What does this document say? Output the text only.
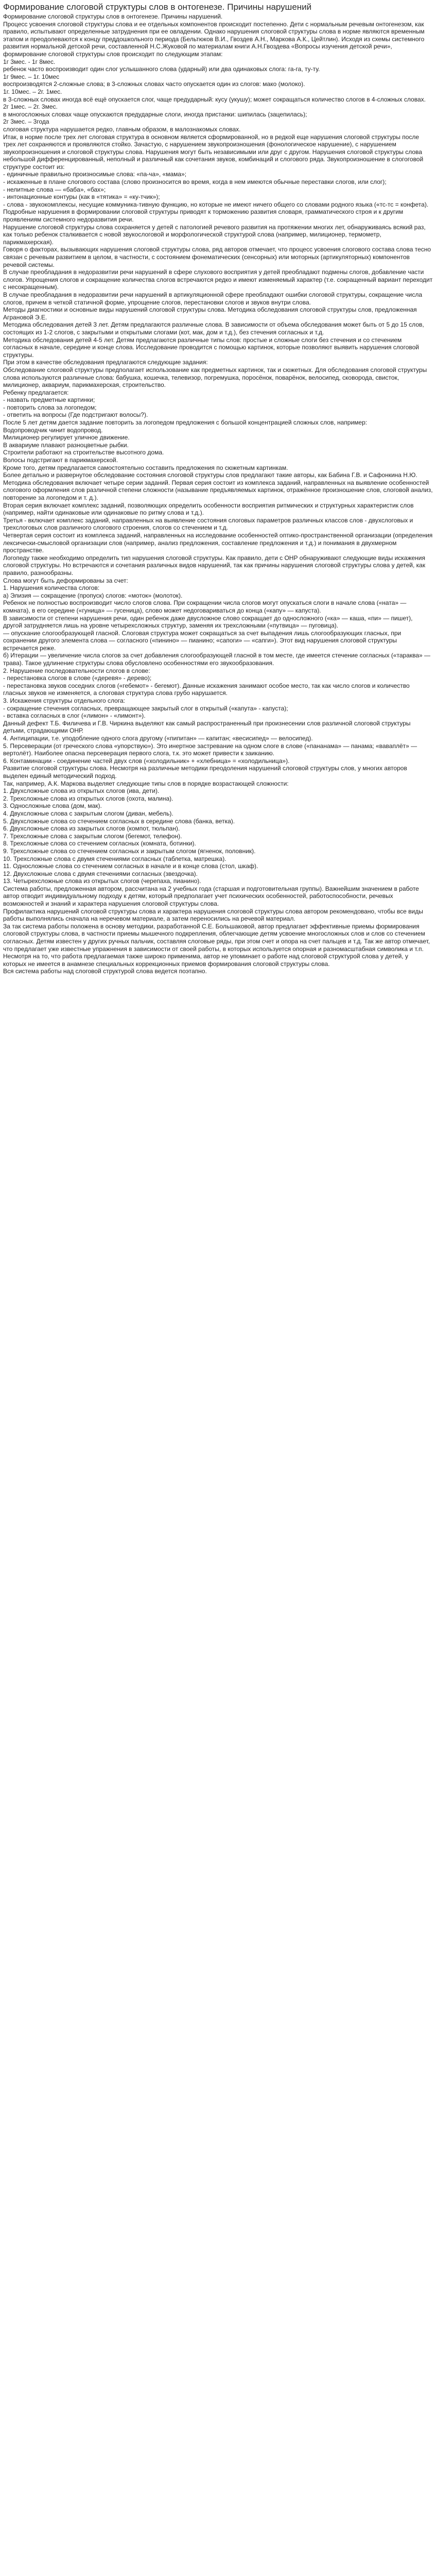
Формирование слоговой структуры слов в онтогенезе. Причины нарушений

Формирование слоговой структуры слов в онтогенезе. Причины нарушений.

Процесс усвоения слоговой структуры слова и ее отдельных компонентов происходит постепенно. Дети с нормальным речевым онтогенезом, как правило, испытывают определенные затруднения при ее овладении. Однако нарушения слоговой структуры слова в норме являются временным этапом и преодолеваются к концу преддошкольного периода (Бельтюков В.И., Гвоздев А.Н., Маркова А.К., Цейтлин). Исходя из схемы системного развития нормальной детской речи, составленной Н.С.Жуковой по материалам книги А.Н.Гвоздева «Вопросы изучения детской речи», формирование слоговой структуры слов происходит по следующим этапам:

1г 3мес. - 1г 8мес.

ребенок часто воспроизводит один слог услышанного слова (ударный) или два одинаковых слога: га-га, ту-ту.

1г 9мес. – 1г. 10мес

воспроизводятся 2-сложные слова; в 3-сложных словах часто опускается один из слогов: мако (молоко).

1г. 10мес. – 2г. 1мес.

в 3-сложных словах иногда всё ещё опускается слог, чаще предударный: кусу (укушу); может сокращаться количество слогов в 4-сложных словах.

2г 1мес. – 2г. 3мес.

в многосложных словах чаще опускаются предударные слоги, иногда пристанки: шипилась (зацепилась);

2г 3мес. – 3года

слоговая структура нарушается редко, главным образом, в малознакомых словах.

Итак, в норме после трех лет слоговая структура в основном является сформированной, но в редкой еще нарушения слоговой структуры после трех лет сохраняются и проявляются стойко. Зачастую, с нарушением звукопроизношения (фонологическое нарушение), с нарушением звукопроизношения и слоговой структуры слова. Нарушения могут быть независимыми или друг с другом. Нарушения слоговой структуры слова небольшой дифференцированный, неполный и различный как сочетания звуков, комбинаций и слогового ряда. Звукопроизношение в слогоговой структуре состоит из:

- единичные правильно произносимые слова: «па-ча», «мама»;

- искаженные в плане слогового состава (слово произносится во время, когда в нем имеются обычные переставки слогов, или слог);

- нелитные слова — «бaбa», «бах»;

- интонационные контуры (как в «тятика» = «ку-тчик»);

- слова - звукокомплексы, несущие коммуника-тивную функцию, но которые не имеют ничего общего со словами родного языка («тс-тс = конфета).

Подробные нарушения в формировании слоговой структуры приводят к торможению развития словаря, грамматического строя и к другим проявлениям системного недоразвития речи.

Нарушение слоговой структуры слова сохраняется у детей с патологией речевого развития на протяжении многих лет, обнаруживаясь всякий раз, как только ребенок сталкивается с новой звукослоговой и морфологической структурой слова (например, милиционер, термометр, парикмахерская).

Говоря о факторах, вызывающих нарушения слоговой структуры слова, ряд авторов отмечает, что процесс усвоения слогового состава слова тесно связан с речевым развитием в целом, в частности, с состоянием фонематических (сенсорных) или моторных (артикуляторных) компонентов речевой системы.

В случае преобладания в недоразвитии речи нарушений в сфере слухового восприятия у детей преобладают подмены слогов, добавление части слогов. Упрощения слогов и сокращение количества слогов встречаются редко и имеют изменяемый характер (т.е. сокращенный вариант переходит с несокращенным).

В случае преобладания в недоразвитии речи нарушений в артикуляционной сфере преобладают ошибки слоговой структуры, сокращение числа слогов, причем в четкой статичной форме, упрощение слогов, перестановки слогов и звуков внутри слова.

Методы диагностики и основные виды нарушений слоговой структуры слова. Методика обследования слоговой структуры слов, предложенная Аграновой Э.Е.

Методика обследования детей 3 лет. Детям предлагаются различные слова. В зависимости от объема обследования может быть от 5 до 15 слов, состоящих из 1-2 слогов, с закрытыми и открытыми слогами (кот, мак, дом и т.д.), без стечения согласных и т.д.

Методика обследования детей 4-5 лет. Детям предлагаются различные типы слов: простые и сложные слоги без стечения и со стечением согласных в начале, середине и конце слова. Исследование проводится с помощью картинок, которые позволяют выявить нарушения слоговой структуры.

При этом в качестве обследования предлагаются следующие задания:

Обследование слоговой структуры предполагает использование как предметных картинок, так и сюжетных. Для обследования слоговой структуры слова используются различные слова: бабушка, кошечка, телевизор, погремушка, поросёнок, поварёнок, велосипед, сковорода, свисток, милиционер, аквариум, парикмахерская, строительство.

Ребенку предлагается:

- назвать предметные картинки;

- повторить слова за логопедом;

- ответить на вопросы (Где подстригают волосы?).

После 5 лет детям дается задание повторить за логопедом предложения с большой концентрацией сложных слов, например:

Водопроводчик чинит водопровод.

Милиционер регулирует уличное движение.

В аквариуме плавают разноцветные рыбки.

Строители работают на строительстве высотного дома.

Волосы подстригают в парикмахерской.

Кроме того, детям предлагается самостоятельно составить предложения по сюжетным картинкам.

Более детально и развернутое обследование состояния слоговой структуры слов предлагают такие авторы, как Бабина Г.В. и Сафонкина Н.Ю. Методика обследования включает четыре серии заданий. Первая серия состоит из комплекса заданий, направленных на выявление особенностей слогового оформления слов различной степени сложности (называние предъявляемых картинок, отражённое произношение слов, слоговой анализ, повторение за логопедом и т. д.).

Вторая серия включает комплекс заданий, позволяющих определить особенности восприятия ритмических и структурных характеристик слов (например, найти одинаковые или одинаковые по ритму слова и т.д.).

Третья - включает комплекс заданий, направленных на выявление состояния слоговых параметров различных классов слов - двухслоговых и трехслоговых слов различного слогового строения, слогов со стечением и т.д.

Четвертая серия состоит из комплекса заданий, направленных на исследование особенностей оптико-пространственной организации (определения лексически-смысловой организации слов (например, анализ предложения, составление предложения и т.д.) и понимания в двухмерном пространстве.

Логопеду также необходимо определить тип нарушения слоговой структуры. Как правило, дети с ОНР обнаруживают следующие виды искажения слоговой структуры. Но встречаются и сочетания различных видов нарушений, так как причины нарушения слоговой структуры слова у детей, как правило, разнообразны.

Слова могут быть деформированы за счет:

1. Нарушения количества слогов:

а) Элизия — сокращение (пропуск) слогов: «моток» (молоток).

Ребенок не полностью воспроизводит число слогов слова. При сокращении числа слогов могут опускаться слоги в начале слова («ната» — комната), в его середине («гуница» — гусеница), слово может недоговариваться до конца («капу» — капуста).

В зависимости от степени нарушения речи, один ребенок даже двусложное слово сокращает до односложного («ка» — каша, «пи» — пишет), другой затрудняется лишь на уровне четырехсложных структур, заменяя их трехсложными («путвица» — пуговица).

— опускание слогообразующей гласной. Слоговая структура может сокращаться за счет выпадения лишь слогообразующих гласных, при сохранении другого элемента слова — согласного («пинино» — пианино; «сапоги» — «сапги»). Этот вид нарушения слоговой структуры встречается реже.

б) Итерации — увеличение числа слогов за счет добавления слогообразующей гласной в том месте, где имеется стечение согласных («тараква» — трава). Такое удлинение структуры слова обусловлено особенностями его звукообразования.

2. Нарушение последовательности слогов в слове:

- перестановка слогов в слове («деревя» - дерево);

- перестановка звуков соседних слогов («гебемот» - бегемот). Данные искажения занимают особое место, так как число слогов и количество гласных звуков не изменяется, а слоговая структура слова грубо нарушается.

3. Искажения структуры отдельного слога:

- сокращение стечения согласных, превращающее закрытый слог в открытый («капута» - капуста);

- вставка согласных в слог («лимон» - «лимонт»).

Данный дефект Т.Б. Филичева и Г.В. Чиркина выделяют как самый распространенный при произнесении слов различной слоговой структуры детьми, страдающими ОНР.

4. Антиципации, т.е. уподобление одного слога другому («пипитан» — капитан; «весисипед» — велосипед).

5. Персеверации (от греческого слова «упорствую»). Это инертное застревание на одном слоге в слове («пананама» — панама; «ваваплёт» — вертолёт). Наиболее опасна персеверация первого слога, т.к. это может привести к заиканию.

6. Контаминации - соединение частей двух слов («холодильник» + «хлебница» = «холодильница»).

Развитие слоговой структуры слова. Несмотря на различные методики преодоления нарушений слоговой структуры слов, у многих авторов выделен единый методический подход.

Так, например, А.К. Маркова выделяет следующие типы слов в порядке возрастающей сложности:

1. Двухсложные слова из открытых слогов (ива, дети).

2. Трехсложные слова из открытых слогов (охота, малина).

3. Односложные слова (дом, мак).

4. Двухсложные слова с закрытым слогом (диван, мебель).

5. Двухсложные слова со стечением согласных в середине слова (банка, ветка).

6. Двухсложные слова из закрытых слогов (компот, тюльпан).

7. Трехсложные слова с закрытым слогом (бегемот, телефон).

8. Трехсложные слова со стечением согласных (комната, ботинки).

9. Трехсложные слова со стечением согласных и закрытым слогом (ягненок, половник).

10. Трехсложные слова с двумя стечениями согласных (таблетка, матрешка).

11. Односложные слова со стечением согласных в начале и в конце слова (стол, шкаф).

12. Двухсложные слова с двумя стечениями согласных (звездочка).

13. Четырехсложные слова из открытых слогов (черепаха, пианино).

Система работы, предложенная автором, рассчитана на 2 учебных года (старшая и подготовительная группы). Важнейшим значением в работе автор отводит индивидуальному подходу к детям, который предполагает учет психических особенностей, работоспособности, речевых возможностей и знаний и характера нарушения слоговой структуры слова.

Профилактика нарушений слоговой структуры слова и характера нарушения слоговой структуры слова автором рекомендовано, чтобы все виды работы выполнялись сначала на неречевом материале, а затем переносились на речевой материал.

За так система работы положена в основу методики, разработанной С.Е. Большаковой, автор предлагает эффективные приемы формирования слоговой структуры слова, в частности приемы мышечного подкрепления, облегчающие детям усвоение многосложных слов и слов со стечением согласных. Детям известен у других ручных пальчик, составляя слоговые ряды, при этом счет и опора на счет пальцев и т.д. Так же автор отмечает, что предлагает уже известные упражнения в зависимости от своей работы, в которых используется опорная и разномасштабная символика и т.п. Несмотря на то, что работа предлагаемая также широко применима, автор не упоминает о работе над слоговой структурой слова у детей, у которых не имеется в анамнезе специальных коррекционных приемов формирования слоговой структуры слова.

Вся система работы над слоговой структурой слова ведется поэтапно.
